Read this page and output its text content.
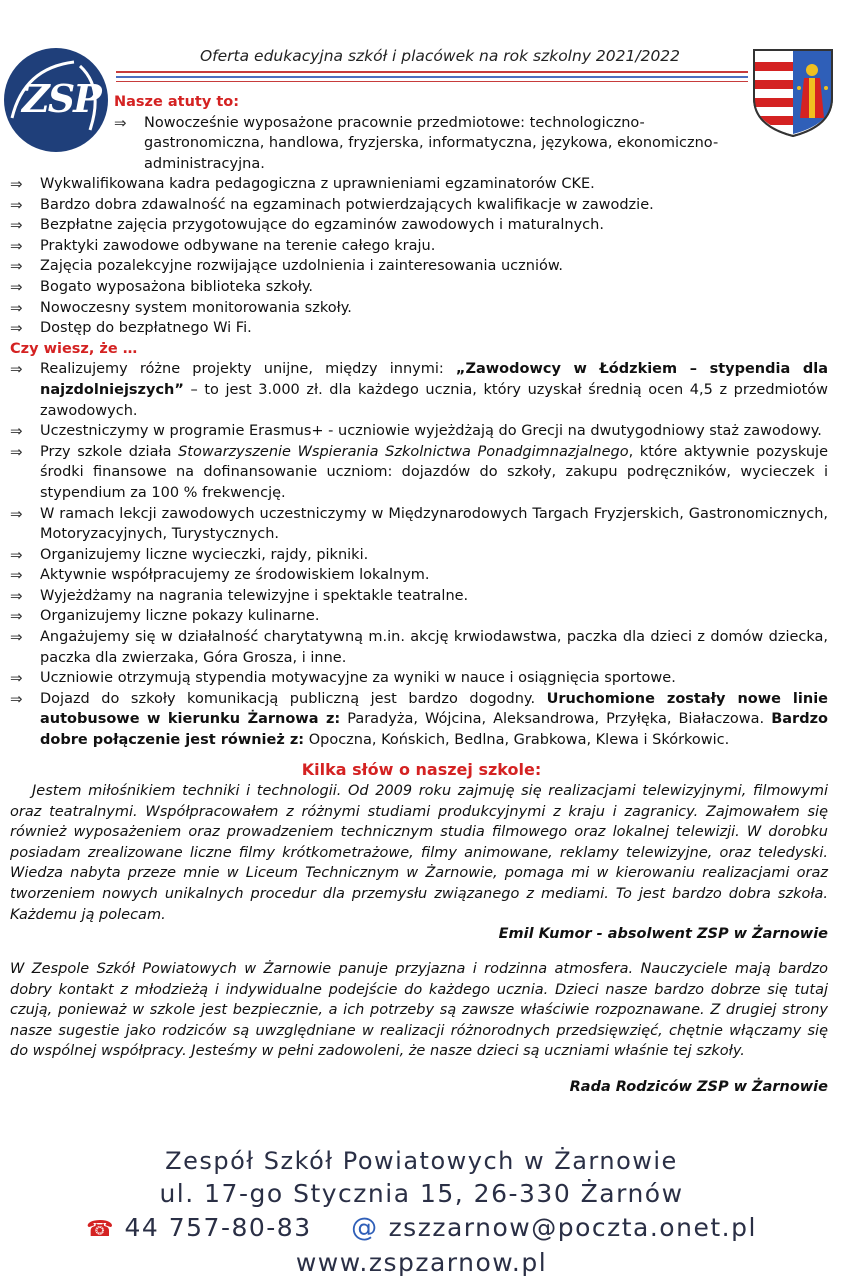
ZSP
Oferta edukacyjna szkół i placówek na rok szkolny 2021/2022
Nasze atuty to:
⇒	Nowocześnie wyposażone pracownie przedmiotowe: technologiczno-gastronomiczna, handlowa, fryzjerska, informatyczna, językowa, ekonomiczno-administracyjna.
⇒	Wykwalifikowana kadra pedagogiczna z uprawnieniami egzaminatorów CKE.
⇒	Bardzo dobra zdawalność na egzaminach potwierdzających kwalifikacje w zawodzie.
⇒	Bezpłatne zajęcia przygotowujące do egzaminów zawodowych i maturalnych.
⇒	Praktyki zawodowe odbywane na terenie całego kraju.
⇒	Zajęcia pozalekcyjne rozwijające uzdolnienia i zainteresowania uczniów.
⇒	Bogato wyposażona biblioteka szkoły.
⇒	Nowoczesny system monitorowania szkoły.
⇒	Dostęp do bezpłatnego Wi Fi.
Czy wiesz, że …
⇒	Realizujemy różne projekty unijne, między innymi: „Zawodowcy w Łódzkiem – stypendia dla najzdolniejszych” – to jest 3.000 zł. dla każdego ucznia, który uzyskał średnią ocen 4,5 z przedmiotów zawodowych.
⇒	Uczestniczymy w programie Erasmus+ - uczniowie wyjeżdżają do Grecji na dwutygodniowy staż zawodowy.
⇒	Przy szkole działa Stowarzyszenie Wspierania Szkolnictwa Ponadgimnazjalnego, które aktywnie pozyskuje środki finansowe na dofinansowanie uczniom: dojazdów do szkoły, zakupu podręczników, wycieczek i stypendium za 100 % frekwencję.
⇒	W ramach lekcji zawodowych uczestniczymy w Międzynarodowych Targach Fryzjerskich, Gastronomicznych, Motoryzacyjnych, Turystycznych.
⇒	Organizujemy liczne wycieczki, rajdy, pikniki.
⇒	Aktywnie współpracujemy ze środowiskiem lokalnym.
⇒	Wyjeżdżamy na nagrania telewizyjne i spektakle teatralne.
⇒	Organizujemy liczne pokazy kulinarne.
⇒	Angażujemy się w działalność charytatywną m.in. akcję krwiodawstwa, paczka dla dzieci z domów dziecka, paczka dla zwierzaka, Góra Grosza, i inne.
⇒	Uczniowie otrzymują stypendia motywacyjne za wyniki w nauce i osiągnięcia sportowe.
⇒	Dojazd do szkoły komunikacją publiczną jest bardzo dogodny. Uruchomione zostały nowe linie autobusowe w kierunku Żarnowa z: Paradyża, Wójcina, Aleksandrowa, Przyłęka, Białaczowa. Bardzo dobre połączenie jest również z: Opoczna, Końskich, Bedlna, Grabkowa, Klewa i Skórkowic.
Kilka słów o naszej szkole:
Jestem miłośnikiem techniki i technologii. Od 2009 roku zajmuję się realizacjami telewizyjnymi, filmowymi oraz teatralnymi. Współpracowałem z różnymi studiami produkcyjnymi z kraju i zagranicy. Zajmowałem się również wyposażeniem oraz prowadzeniem technicznym studia filmowego oraz lokalnej telewizji. W dorobku posiadam zrealizowane liczne filmy krótkometrażowe, filmy animowane, reklamy telewizyjne, oraz teledyski. Wiedza nabyta przeze mnie w Liceum Technicznym w Żarnowie, pomaga mi w kierowaniu realizacjami oraz tworzeniem nowych unikalnych procedur dla przemysłu związanego z mediami. To jest bardzo dobra szkoła. Każdemu ją polecam.
Emil Kumor - absolwent ZSP w Żarnowie
W Zespole Szkół Powiatowych w Żarnowie panuje przyjazna i rodzinna atmosfera. Nauczyciele mają bardzo dobry kontakt z młodzieżą i indywidualne podejście do każdego ucznia. Dzieci nasze bardzo dobrze się tutaj czują, ponieważ w szkole jest bezpiecznie, a ich potrzeby są zawsze właściwie rozpoznawane. Z drugiej strony nasze sugestie jako rodziców są uwzględniane w realizacji różnorodnych przedsięwzięć, chętnie włączamy się do wspólnej współpracy. Jesteśmy w pełni zadowoleni, że nasze dzieci są uczniami właśnie tej szkoły.
Rada Rodziców ZSP w Żarnowie
Zespół Szkół Powiatowych w Żarnowie
ul. 17-go Stycznia 15, 26-330 Żarnów
☎ 44 757-80-83 @ zszzarnow@poczta.onet.pl
www.zspzarnow.pl
